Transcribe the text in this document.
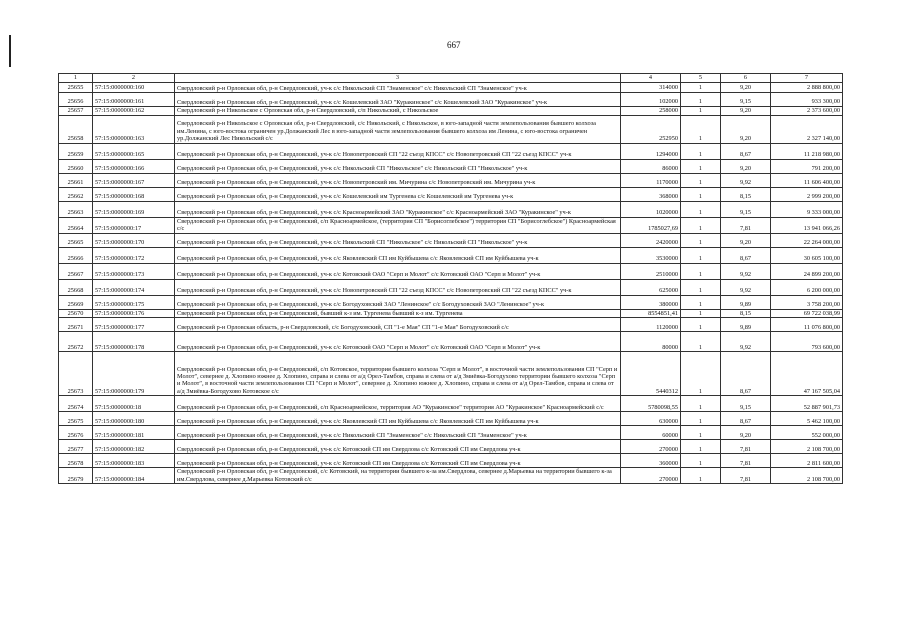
667
1	2	3	4	5	6	7
25655	57:15:0000000:160	Свердловский р-н Орловская обл, р-н Свердловский, уч-к с/с Никольский СП "Знаменское" с/с Никольский СП "Знаменское" уч-к	314000	1	9,20	2 888 800,00
25656	57:15:0000000:161	Свердловский р-н Орловская обл, р-н Свердловский, уч-к с/с Кошелевский ЗАО "Куракинское" с/с Кошелевский ЗАО "Куракинское" уч-к	102000	1	9,15	933 300,00
25657	57:15:0000000:162	Свердловский р-н Никольское с Орловская обл, р-н Свердловский, с/п Никольский, с Никольское	258000	1	9,20	2 373 600,00
25658	57:15:0000000:163	Свердловский р-н Никольское с Орловская обл, р-н Свердловский, с/с Никольский, с Никольское, в юго-западной части землепользования бывшего колхоза им.Ленина, с юго-востока ограничен ур.Должанский Лес в юго-западной части землепользования бывшего колхоза им Ленина, с юго-востока ограничен ур.Должанский Лес Никольский с/с	252950	1	9,20	2 327 140,00
25659	57:15:0000000:165	Свердловский р-н Орловская обл, р-н Свердловский, уч-к с/с Новопетровский СП "22 съезд КПСС" с/с Новопетровский СП "22 съезд КПСС" уч-к	1294000	1	8,67	11 218 980,00
25660	57:15:0000000:166	Свердловский р-н Орловская обл, р-н Свердловский, уч-к с/с Никольский СП "Никольское" с/с Никольский СП "Никольское" уч-к	86000	1	9,20	791 200,00
25661	57:15:0000000:167	Свердловский р-н Орловская обл, р-н Свердловский, уч-к с/с Новопетровский им. Мичурина с/с Новопетровский им. Мичурина уч-к	1170000	1	9,92	11 606 400,00
25662	57:15:0000000:168	Свердловский р-н Орловская обл, р-н Свердловский, уч-к с/с Кошелевский им Тургенева с/с Кошелевский им Тургенева уч-к	368000	1	8,15	2 999 200,00
25663	57:15:0000000:169	Свердловский р-н Орловская обл, р-н Свердловский, уч-к с/с Красноармейский ЗАО "Куракинское" с/с Красноармейский ЗАО "Куракинское" уч-к	1020000	1	9,15	9 333 000,00
25664	57:15:0000000:17	Свердловский р-н Орловская обл, р-н Свердловский, с/п Красноармейское, (территория СП "Борисоглебское") территория СП "Борисоглебское") Красноармейская с/с	1785027,69	1	7,81	13 941 066,26
25665	57:15:0000000:170	Свердловский р-н Орловская обл, р-н Свердловский, уч-к с/с Никольский СП "Никольское" с/с Никольский СП "Никольское" уч-к	2420000	1	9,20	22 264 000,00
25666	57:15:0000000:172	Свердловский р-н Орловская обл, р-н Свердловский, уч-к с/с Яковлевский СП им Куйбышева с/с Яковлевский СП им Куйбышева уч-к	3530000	1	8,67	30 605 100,00
25667	57:15:0000000:173	Свердловский р-н Орловская обл, р-н Свердловский, уч-к с/с Котовский ОАО "Серп и Молот" с/с Котовский ОАО "Серп и Молот" уч-к	2510000	1	9,92	24 899 200,00
25668	57:15:0000000:174	Свердловский р-н Орловская обл, р-н Свердловский, уч-к с/с Новопетровский СП "22 съезд КПСС" с/с Новопетровский СП "22 съезд КПСС" уч-к	625000	1	9,92	6 200 000,00
25669	57:15:0000000:175	Свердловский р-н Орловская обл, р-н Свердловский, уч-к с/с Богодуховский ЗАО "Ленинское" с/с Богодуховский ЗАО "Ленинское" уч-к	380000	1	9,89	3 758 200,00
25670	57:15:0000000:176	Свердловский р-н Орловская обл, р-н Свердловский, бывший к-з им. Тургенева бывший к-з им. Тургенева	8554851,41	1	8,15	69 722 038,99
25671	57:15:0000000:177	Свердловский р-н Орловская область, р-н Свердловский, с/с Богодуховский, СП "1-е Мая" СП "1-е Мая" Богодуховский с/с	1120000	1	9,89	11 076 800,00
25672	57:15:0000000:178	Свердловский р-н Орловская обл, р-н Свердловский, уч-к с/с Котовский ОАО "Серп и Молот" с/с Котовский ОАО "Серп и Молот" уч-к	80000	1	9,92	793 600,00
25673	57:15:0000000:179	Свердловский р-н Орловская обл, р-н Свердловский, с/п Котовское, территория бывшего колхоза "Серп и Молот", в восточной части землепользования СП "Серп и Молот", севернее д. Хлопино южнее д. Хлопино, справа и слева от а/д Орел-Тамбов, справа и слева от а/д Змиёвка-Богодухово территории бывшего колхоза "Серп и Молот", в восточной части землепользования СП "Серп и Молот", севернее д. Хлопино южнее д. Хлопино, справа и слева от а/д Орел-Тамбов, справа и слева от а/д Змиёвка-Богодухово Котовское с/с	5440312	1	8,67	47 167 505,04
25674	57:15:0000000:18	Свердловский р-н Орловская обл, р-н Свердловский, с/п Красноармейское, территория АО "Куракинское" территория АО "Куракинское" Красноармейский с/с	5780098,55	1	9,15	52 887 901,73
25675	57:15:0000000:180	Свердловский р-н Орловская обл, р-н Свердловский, уч-к с/с Яковлевский СП им Куйбышева с/с Яковлевский СП им Куйбышева уч-к	630000	1	8,67	5 462 100,00
25676	57:15:0000000:181	Свердловский р-н Орловская обл, р-н Свердловский, уч-к с/с Никольский СП "Знаменское" с/с Никольский СП "Знаменское" уч-к	60000	1	9,20	552 000,00
25677	57:15:0000000:182	Свердловский р-н Орловская обл, р-н Свердловский, уч-к с/с Котовский СП им Свердлова с/с Котовский СП им Свердлова уч-к	270000	1	7,81	2 108 700,00
25678	57:15:0000000:183	Свердловский р-н Орловская обл, р-н Свердловский, уч-к с/с Котовский СП им Свердлова с/с Котовский СП им Свердлова уч-к	360000	1	7,81	2 811 600,00
25679	57:15:0000000:184	Свердловский р-н Орловская обл, р-н Свердловский, с/с Котовский, на территории бывшего к-за им.Свердлова, севернее д.Марьевка на территории бывшего к-за им.Свердлова, севернее д.Марьевка Котовский с/с	270000	1	7,81	2 108 700,00
